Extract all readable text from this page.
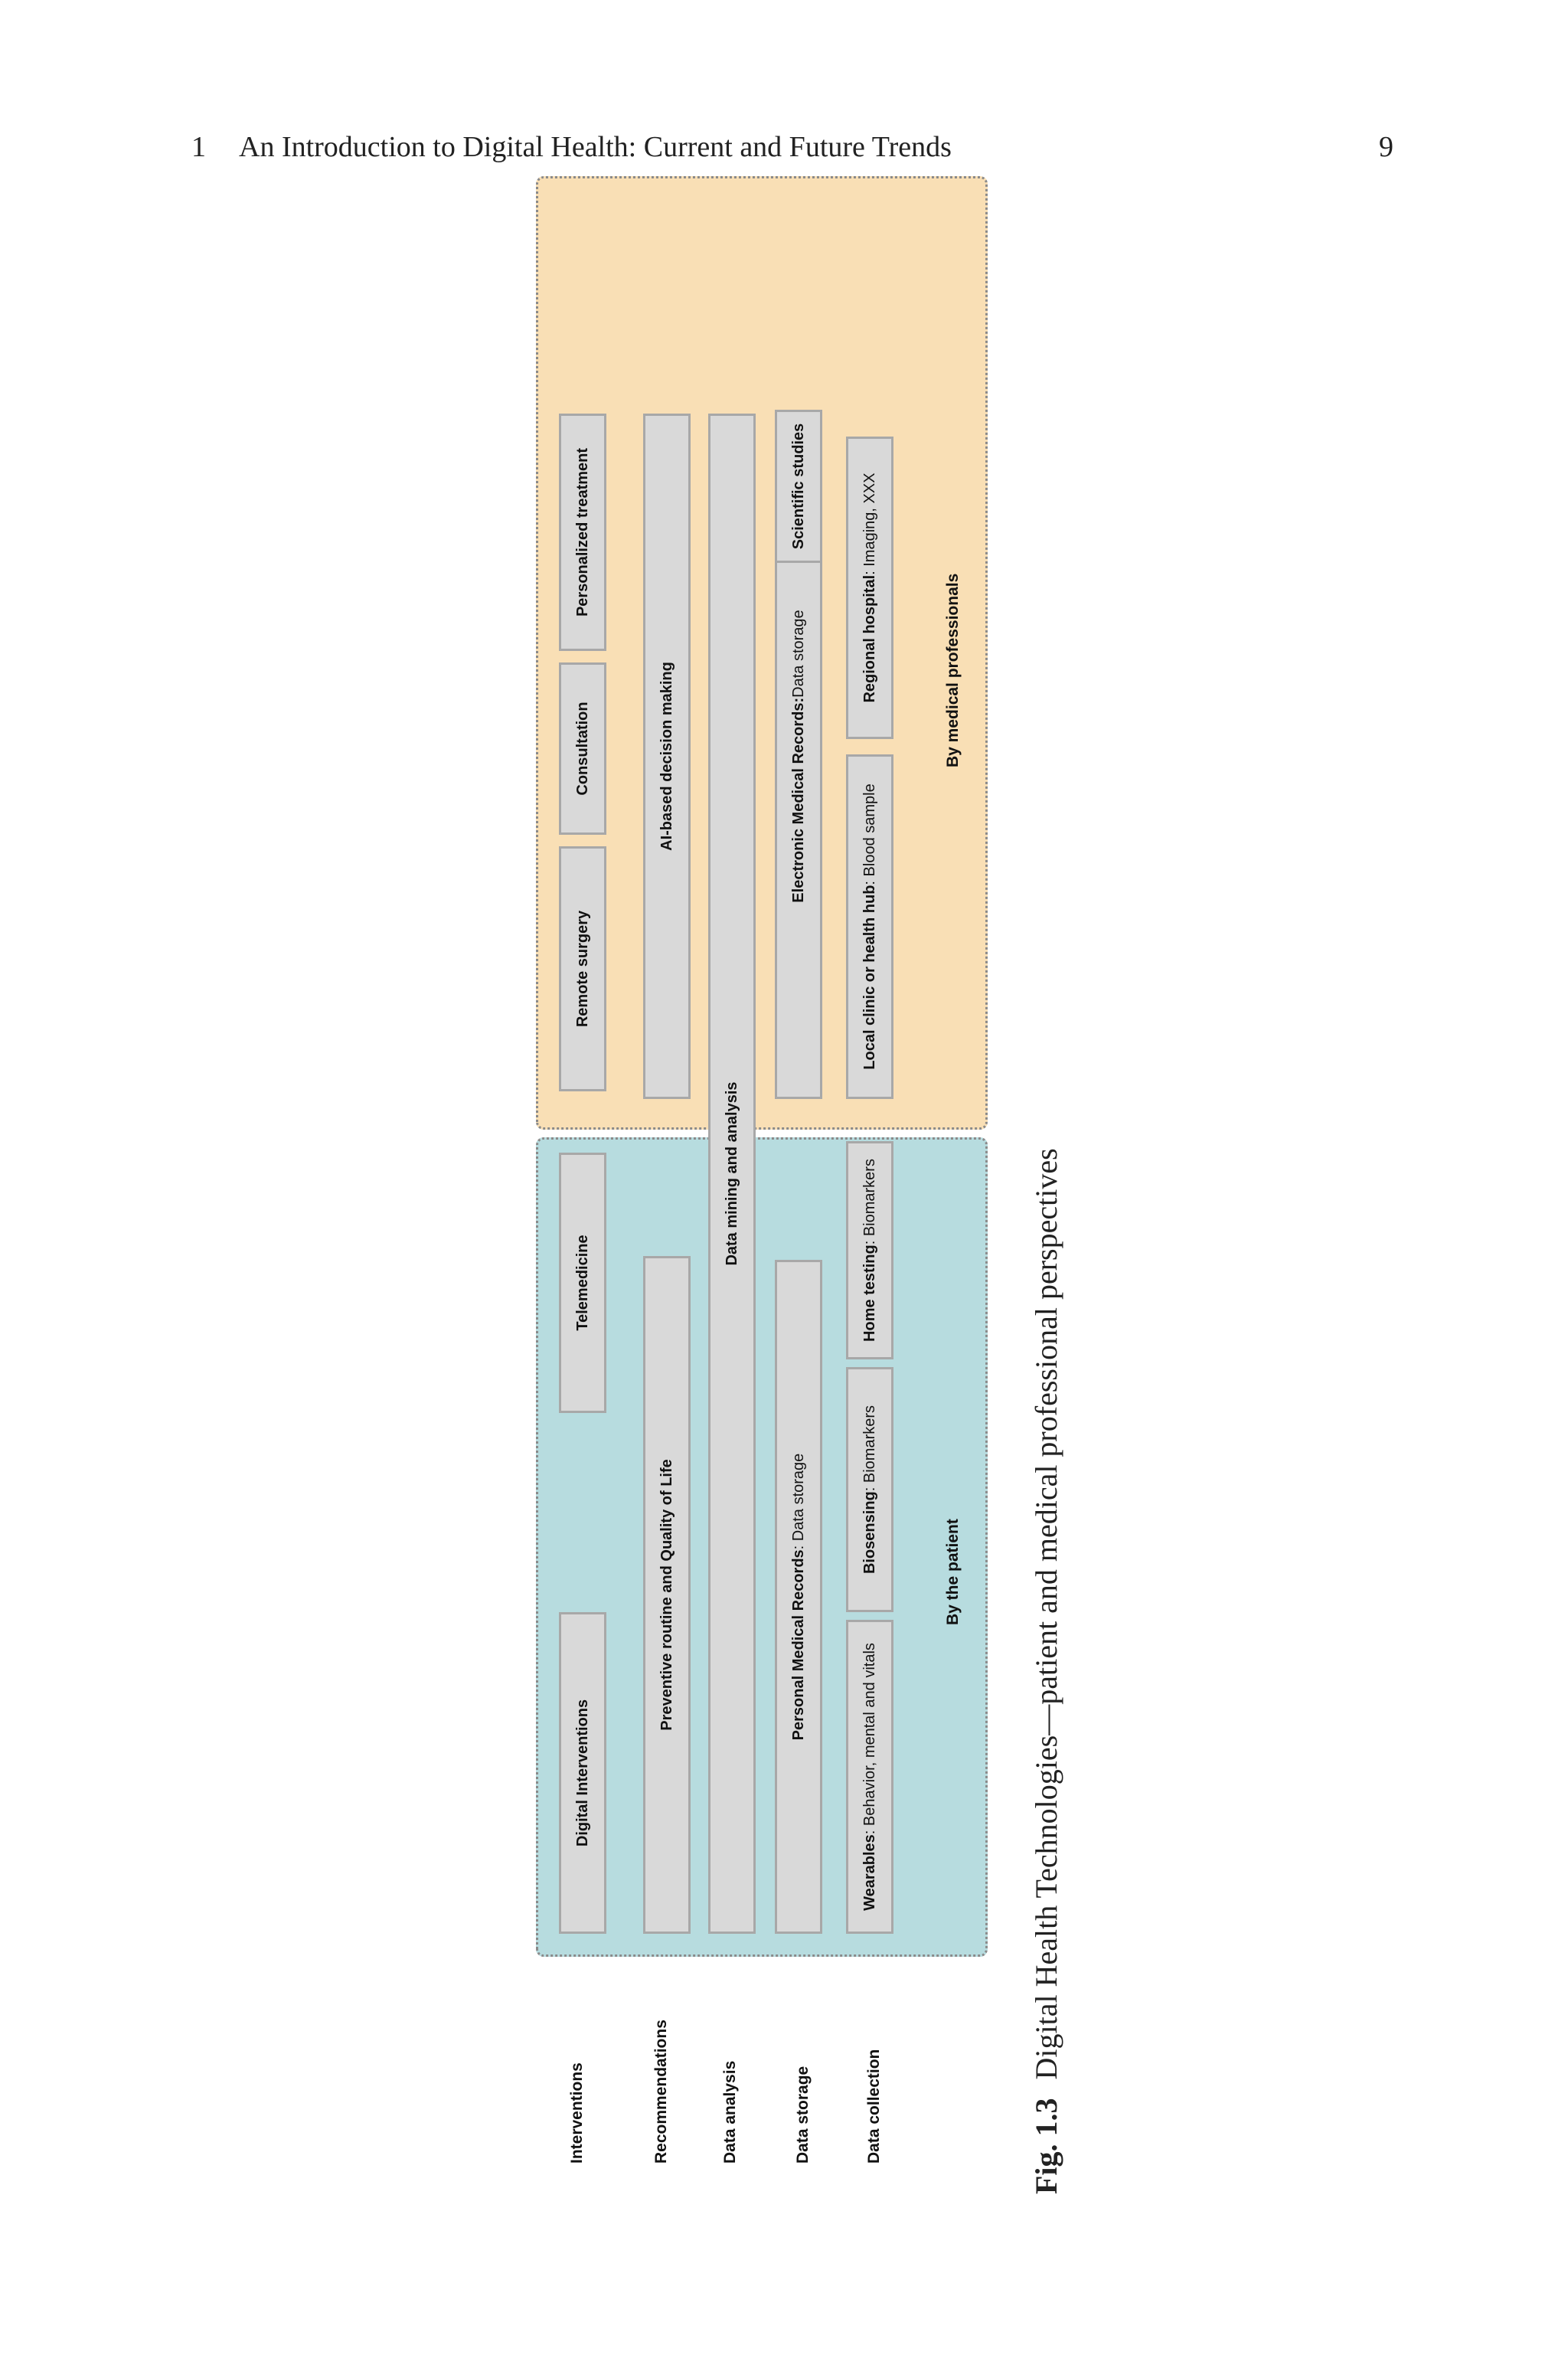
1 An Introduction to Digital Health: Current and Future Trends	9
Interventions	Recommendations	Data analysis	Data storage	Data collection
By the patient
By medical professionals
Digital Interventions
Telemedicine
Remote surgery
Consultation
Personalized treatment
Preventive routine and Quality of Life
AI-based decision making
Data mining and analysis
Personal Medical Records
: Data storage
Electronic Medical Records:
Data storage
Scientific studies
Wearables
: Behavior, mental and vitals
Biosensing
: Biomarkers
Home testing
: Biomarkers
Local clinic or health hub
: Blood sample
Regional hospital
: Imaging, XXX
Fig. 1.3Digital Health Technologies—patient and medical professional perspectives
